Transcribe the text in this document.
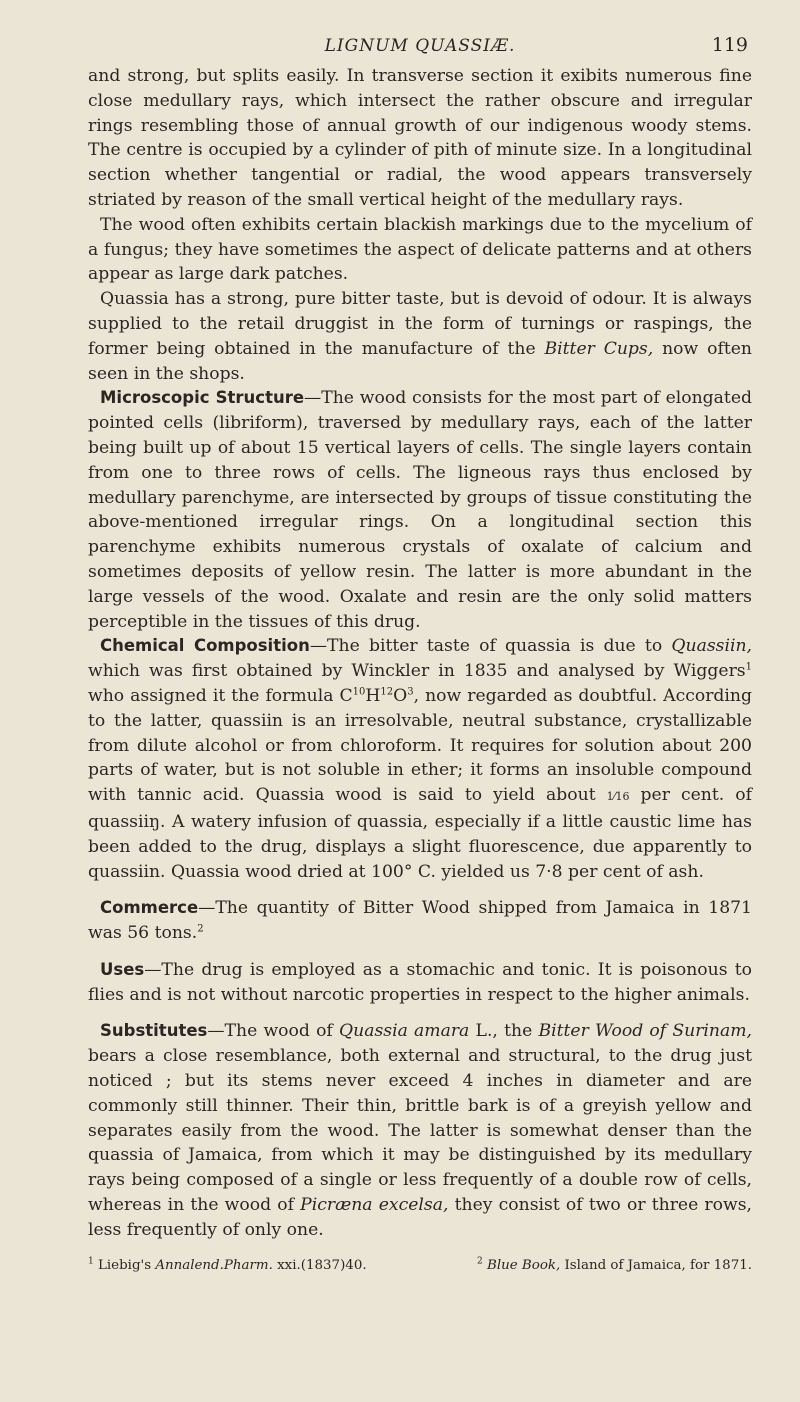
LIGNUM QUASSIÆ.	119

and strong, but splits easily. In transverse section it exibits numerous fine close medullary rays, which intersect the rather obscure and irregular rings resembling those of annual growth of our indigenous woody stems. The centre is occupied by a cylinder of pith of minute size. In a longitudinal section whether tangential or radial, the wood appears transversely striated by reason of the small vertical height of the medullary rays.

The wood often exhibits certain blackish markings due to the mycelium of a fungus; they have sometimes the aspect of delicate patterns and at others appear as large dark patches.

Quassia has a strong, pure bitter taste, but is devoid of odour. It is always supplied to the retail druggist in the form of turnings or raspings, the former being obtained in the manufacture of the Bitter Cups, now often seen in the shops.

Microscopic Structure—The wood consists for the most part of elongated pointed cells (libriform), traversed by medullary rays, each of the latter being built up of about 15 vertical layers of cells. The single layers contain from one to three rows of cells. The ligneous rays thus enclosed by medullary parenchyme, are intersected by groups of tissue constituting the above-mentioned irregular rings. On a longitudinal section this parenchyme exhibits numerous crystals of oxalate of calcium and sometimes deposits of yellow resin. The latter is more abundant in the large vessels of the wood. Oxalate and resin are the only solid matters perceptible in the tissues of this drug.

Chemical Composition—The bitter taste of quassia is due to Quassiin, which was first obtained by Winckler in 1835 and analysed by Wiggers$^1$ who assigned it the formula $C^{10}H^{12}O^3$, now regarded as doubtful. According to the latter, quassiin is an irresolvable, neutral substance, crystallizable from dilute alcohol or from chloroform. It requires for solution about 200 parts of water, but is not soluble in ether; it forms an insoluble compound with tannic acid. Quassia wood is said to yield about 1⁄16 per cent. of quassiiŋ. A watery infusion of quassia, especially if a little caustic lime has been added to the drug, displays a slight fluorescence, due apparently to quassiin. Quassia wood dried at 100° C. yielded us 7·8 per cent of ash.

Commerce—The quantity of Bitter Wood shipped from Jamaica in 1871 was 56 tons.$^2$

Uses—The drug is employed as a stomachic and tonic. It is poisonous to flies and is not without narcotic properties in respect to the higher animals.

Substitutes—The wood of Quassia amara L., the Bitter Wood of Surinam, bears a close resemblance, both external and structural, to the drug just noticed ; but its stems never exceed 4 inches in diameter and are commonly still thinner. Their thin, brittle bark is of a greyish yellow and separates easily from the wood. The latter is somewhat denser than the quassia of Jamaica, from which it may be distinguished by its medullary rays being composed of a single or less frequently of a double row of cells, whereas in the wood of Picræna excelsa, they consist of two or three rows, less frequently of only one.

$^1$ Liebig's Annalend.Pharm. xxi.(1837)40.	$^2$ Blue Book, Island of Jamaica, for 1871.
